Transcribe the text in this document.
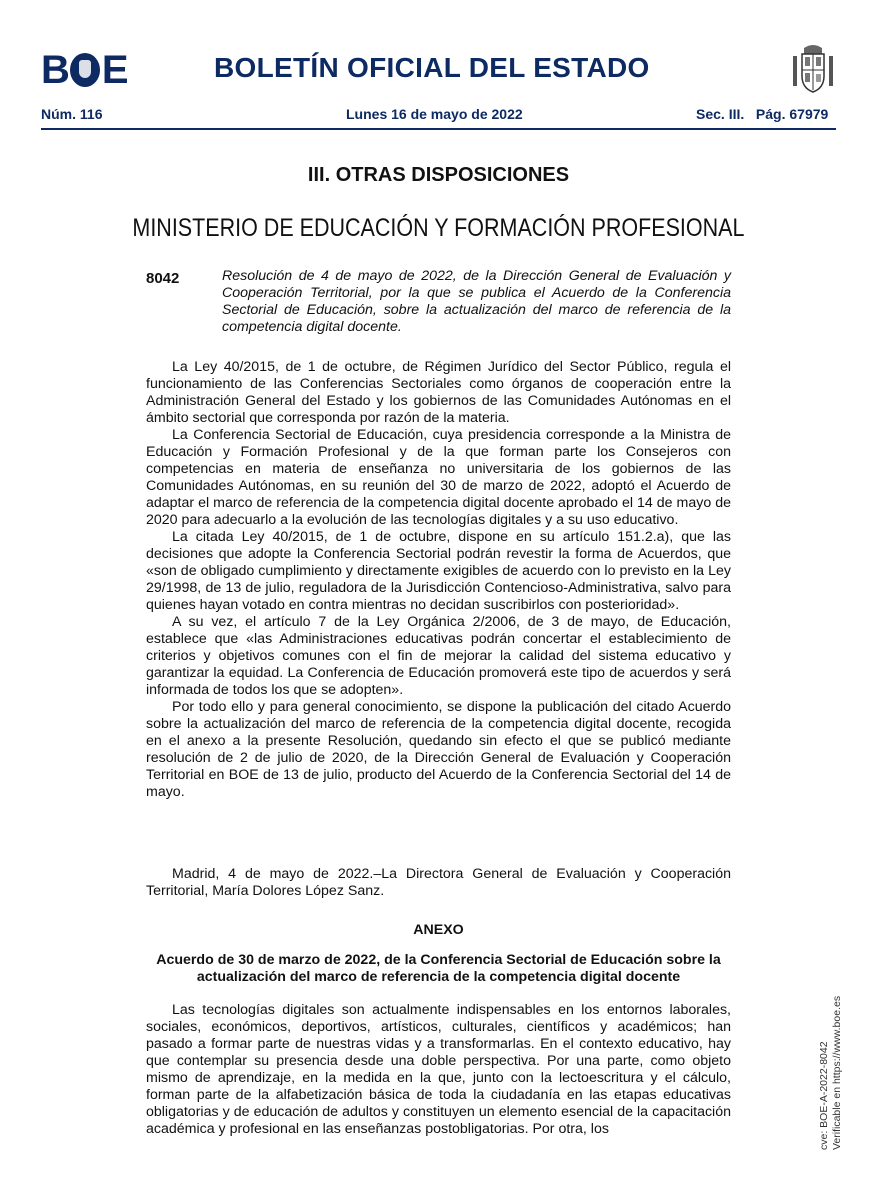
B E	BOLETÍN OFICIAL DEL ESTADO
Núm. 116	Lunes 16 de mayo de 2022	Sec. III.   Pág. 67979
III. OTRAS DISPOSICIONES
MINISTERIO DE EDUCACIÓN Y FORMACIÓN PROFESIONAL
8042	Resolución de 4 de mayo de 2022, de la Dirección General de Evaluación y Cooperación Territorial, por la que se publica el Acuerdo de la Conferencia Sectorial de Educación, sobre la actualización del marco de referencia de la competencia digital docente.

La Ley 40/2015, de 1 de octubre, de Régimen Jurídico del Sector Público, regula el funcionamiento de las Conferencias Sectoriales como órganos de cooperación entre la Administración General del Estado y los gobiernos de las Comunidades Autónomas en el ámbito sectorial que corresponda por razón de la materia.

La Conferencia Sectorial de Educación, cuya presidencia corresponde a la Ministra de Educación y Formación Profesional y de la que forman parte los Consejeros con competencias en materia de enseñanza no universitaria de los gobiernos de las Comunidades Autónomas, en su reunión del 30 de marzo de 2022, adoptó el Acuerdo de adaptar el marco de referencia de la competencia digital docente aprobado el 14 de mayo de 2020 para adecuarlo a la evolución de las tecnologías digitales y a su uso educativo.

La citada Ley 40/2015, de 1 de octubre, dispone en su artículo 151.2.a), que las decisiones que adopte la Conferencia Sectorial podrán revestir la forma de Acuerdos, que «son de obligado cumplimiento y directamente exigibles de acuerdo con lo previsto en la Ley 29/1998, de 13 de julio, reguladora de la Jurisdicción Contencioso-Administrativa, salvo para quienes hayan votado en contra mientras no decidan suscribirlos con posterioridad».

A su vez, el artículo 7 de la Ley Orgánica 2/2006, de 3 de mayo, de Educación, establece que «las Administraciones educativas podrán concertar el establecimiento de criterios y objetivos comunes con el fin de mejorar la calidad del sistema educativo y garantizar la equidad. La Conferencia de Educación promoverá este tipo de acuerdos y será informada de todos los que se adopten».

Por todo ello y para general conocimiento, se dispone la publicación del citado Acuerdo sobre la actualización del marco de referencia de la competencia digital docente, recogida en el anexo a la presente Resolución, quedando sin efecto el que se publicó mediante resolución de 2 de julio de 2020, de la Dirección General de Evaluación y Cooperación Territorial en BOE de 13 de julio, producto del Acuerdo de la Conferencia Sectorial del 14 de mayo.

Madrid, 4 de mayo de 2022.–La Directora General de Evaluación y Cooperación Territorial, María Dolores López Sanz.

ANEXO
Acuerdo de 30 de marzo de 2022, de la Conferencia Sectorial de Educación sobre la actualización del marco de referencia de la competencia digital docente

Las tecnologías digitales son actualmente indispensables en los entornos laborales, sociales, económicos, deportivos, artísticos, culturales, científicos y académicos; han pasado a formar parte de nuestras vidas y a transformarlas. En el contexto educativo, hay que contemplar su presencia desde una doble perspectiva. Por una parte, como objeto mismo de aprendizaje, en la medida en la que, junto con la lectoescritura y el cálculo, forman parte de la alfabetización básica de toda la ciudadanía en las etapas educativas obligatorias y de educación de adultos y constituyen un elemento esencial de la capacitación académica y profesional en las enseñanzas postobligatorias. Por otra, los	cve: BOE-A-2022-8042 Verificable en https://www.boe.es
